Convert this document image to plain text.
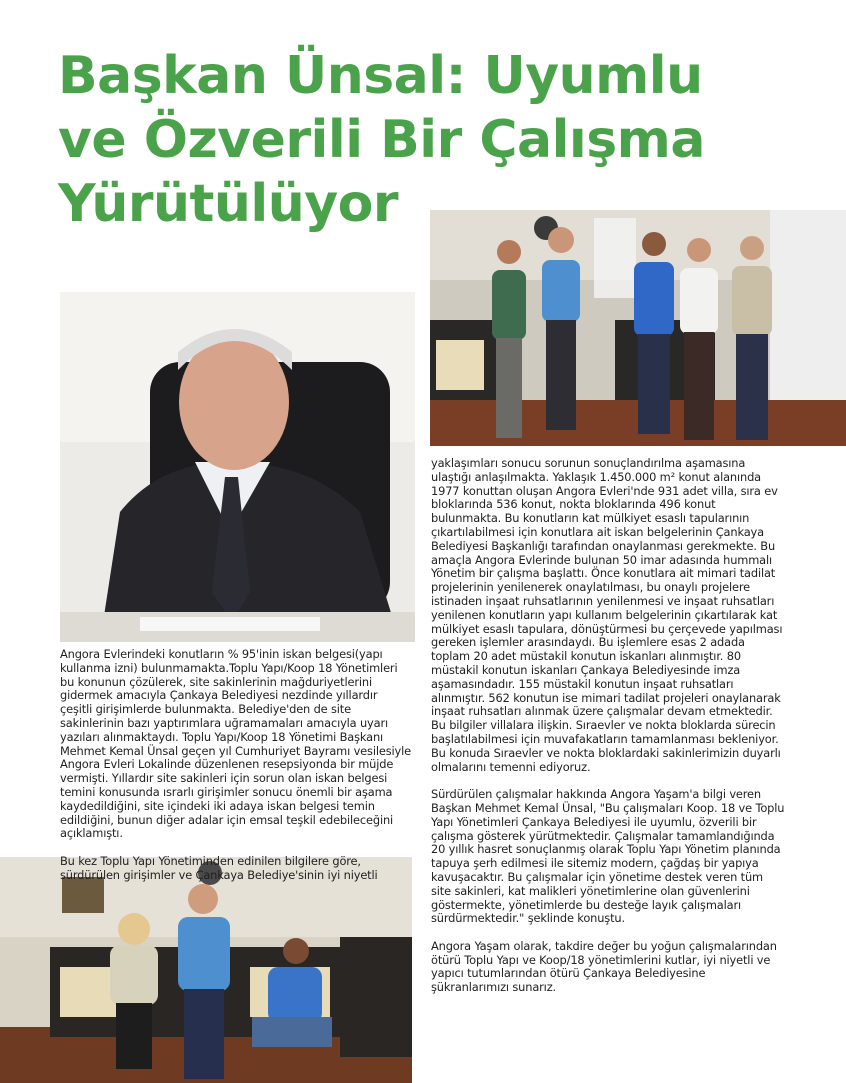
Başkan Ünsal: Uyumlu
ve Özverili Bir Çalışma
Yürütülüyor

Angora Evlerindeki konutların % 95'inin iskan belgesi(yapı kullanma izni) bulunmamakta.Toplu Yapı/Koop 18 Yönetimleri bu konunun çözülerek, site sakinlerinin mağduriyetlerini gidermek amacıyla Çankaya Belediyesi nezdinde yıllardır çeşitli girişimlerde bulunmakta. Belediye'den de site sakinlerinin bazı yaptırımlara uğramamaları amacıyla uyarı yazıları alınmaktaydı. Toplu Yapı/Koop 18 Yönetimi Başkanı Mehmet Kemal Ünsal geçen yıl Cumhuriyet Bayramı vesilesiyle Angora Evleri Lokalinde düzenlenen resepsiyonda bir müjde vermişti. Yıllardır site sakinleri için sorun olan iskan belgesi temini konusunda ısrarlı girişimler sonucu önemli bir aşama kaydedildiğini, site içindeki iki adaya iskan belgesi temin edildiğini, bunun diğer adalar için emsal teşkil edebileceğini açıklamıştı.

Bu kez Toplu Yapı Yönetiminden edinilen bilgilere göre, sürdürülen girişimler ve Çankaya Belediye'sinin iyi niyetli

yaklaşımları sonucu sorunun sonuçlandırılma aşamasına ulaştığı anlaşılmakta. Yaklaşık 1.450.000 m² konut alanında 1977 konuttan oluşan Angora Evleri'nde 931 adet villa, sıra ev bloklarında 536 konut, nokta bloklarında 496 konut bulunmakta. Bu konutların kat mülkiyet esaslı tapularının çıkartılabilmesi için konutlara ait iskan belgelerinin Çankaya Belediyesi Başkanlığı tarafından onaylanması gerekmekte. Bu amaçla Angora Evlerinde bulunan 50 imar adasında hummalı Yönetim bir çalışma başlattı. Önce konutlara ait mimari tadilat projelerinin yenilenerek onaylatılması, bu onaylı projelere istinaden inşaat ruhsatlarının yenilenmesi ve inşaat ruhsatları yenilenen konutların yapı kullanım belgelerinin çıkartılarak kat mülkiyet esaslı tapulara, dönüştürmesi bu çerçevede yapılması gereken işlemler arasındaydı. Bu işlemlere esas 2 adada toplam 20 adet müstakil konutun iskanları alınmıştır. 80 müstakil konutun iskanları Çankaya Belediyesinde imza aşamasındadır. 155 müstakil konutun inşaat ruhsatları alınmıştır. 562 konutun ise mimari tadilat projeleri onaylanarak inşaat ruhsatları alınmak üzere çalışmalar devam etmektedir. Bu bilgiler villalara ilişkin. Sıraevler ve nokta bloklarda sürecin başlatılabilmesi için muvafakatların tamamlanması bekleniyor. Bu konuda Sıraevler ve nokta bloklardaki sakinlerimizin duyarlı olmalarını temenni ediyoruz.

Sürdürülen çalışmalar hakkında Angora Yaşam'a bilgi veren Başkan Mehmet Kemal Ünsal, "Bu çalışmaları Koop. 18 ve Toplu Yapı Yönetimleri Çankaya Belediyesi ile uyumlu, özverili bir çalışma gösterek yürütmektedir. Çalışmalar tamamlandığında 20 yıllık hasret sonuçlanmış olarak Toplu Yapı Yönetim planında tapuya şerh edilmesi ile sitemiz modern, çağdaş bir yapıya kavuşacaktır. Bu çalışmalar için yönetime destek veren tüm site sakinleri, kat malikleri yönetimlerine olan güvenlerini göstermekte, yönetimlerde bu desteğe layık çalışmaları sürdürmektedir." şeklinde konuştu.

Angora Yaşam olarak, takdire değer bu yoğun çalışmalarından ötürü Toplu Yapı ve Koop/18 yönetimlerini kutlar, iyi niyetli ve yapıcı tutumlarından ötürü Çankaya Belediyesine şükranlarımızı sunarız.
